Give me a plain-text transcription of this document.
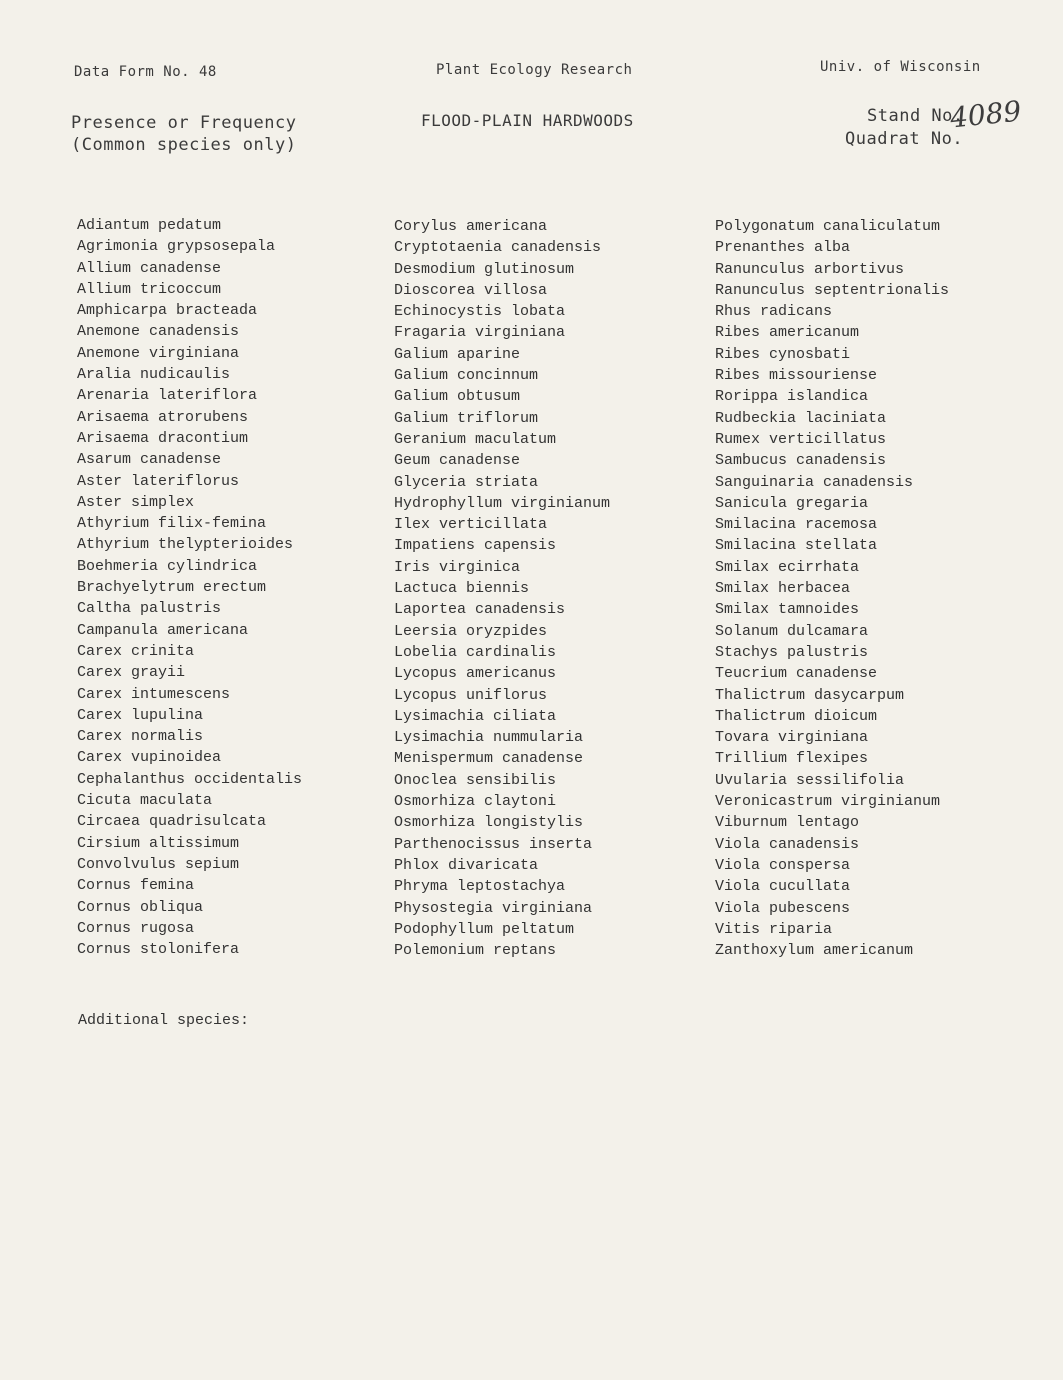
Data Form No. 48	Plant Ecology Research	Univ. of Wisconsin
Presence or Frequency
(Common species only)
FLOOD-PLAIN HARDWOODS	Stand No.
4089
Quadrat No.
Adiantum pedatum
Agrimonia grypsosepala
Allium canadense
Allium tricoccum
Amphicarpa bracteada
Anemone canadensis
Anemone virginiana
Aralia nudicaulis
Arenaria lateriflora
Arisaema atrorubens
Arisaema dracontium
Asarum canadense
Aster lateriflorus
Aster simplex
Athyrium filix-femina
Athyrium thelypterioides
Boehmeria cylindrica
Brachyelytrum erectum
Caltha palustris
Campanula americana
Carex crinita
Carex grayii
Carex intumescens
Carex lupulina
Carex normalis
Carex vupinoidea
Cephalanthus occidentalis
Cicuta maculata
Circaea quadrisulcata
Cirsium altissimum
Convolvulus sepium
Cornus femina
Cornus obliqua
Cornus rugosa
Cornus stolonifera
Corylus americana
Cryptotaenia canadensis
Desmodium glutinosum
Dioscorea villosa
Echinocystis lobata
Fragaria virginiana
Galium aparine
Galium concinnum
Galium obtusum
Galium triflorum
Geranium maculatum
Geum canadense
Glyceria striata
Hydrophyllum virginianum
Ilex verticillata
Impatiens capensis
Iris virginica
Lactuca biennis
Laportea canadensis
Leersia oryzpides
Lobelia cardinalis
Lycopus americanus
Lycopus uniflorus
Lysimachia ciliata
Lysimachia nummularia
Menispermum canadense
Onoclea sensibilis
Osmorhiza claytoni
Osmorhiza longistylis
Parthenocissus inserta
Phlox divaricata
Phryma leptostachya
Physostegia virginiana
Podophyllum peltatum
Polemonium reptans
Polygonatum canaliculatum
Prenanthes alba
Ranunculus arbortivus
Ranunculus septentrionalis
Rhus radicans
Ribes americanum
Ribes cynosbati
Ribes missouriense
Rorippa islandica
Rudbeckia laciniata
Rumex verticillatus
Sambucus canadensis
Sanguinaria canadensis
Sanicula gregaria
Smilacina racemosa
Smilacina stellata
Smilax ecirrhata
Smilax herbacea
Smilax tamnoides
Solanum dulcamara
Stachys palustris
Teucrium canadense
Thalictrum dasycarpum
Thalictrum dioicum
Tovara virginiana
Trillium flexipes
Uvularia sessilifolia
Veronicastrum virginianum
Viburnum lentago
Viola canadensis
Viola conspersa
Viola cucullata
Viola pubescens
Vitis riparia
Zanthoxylum americanum
Additional species:
